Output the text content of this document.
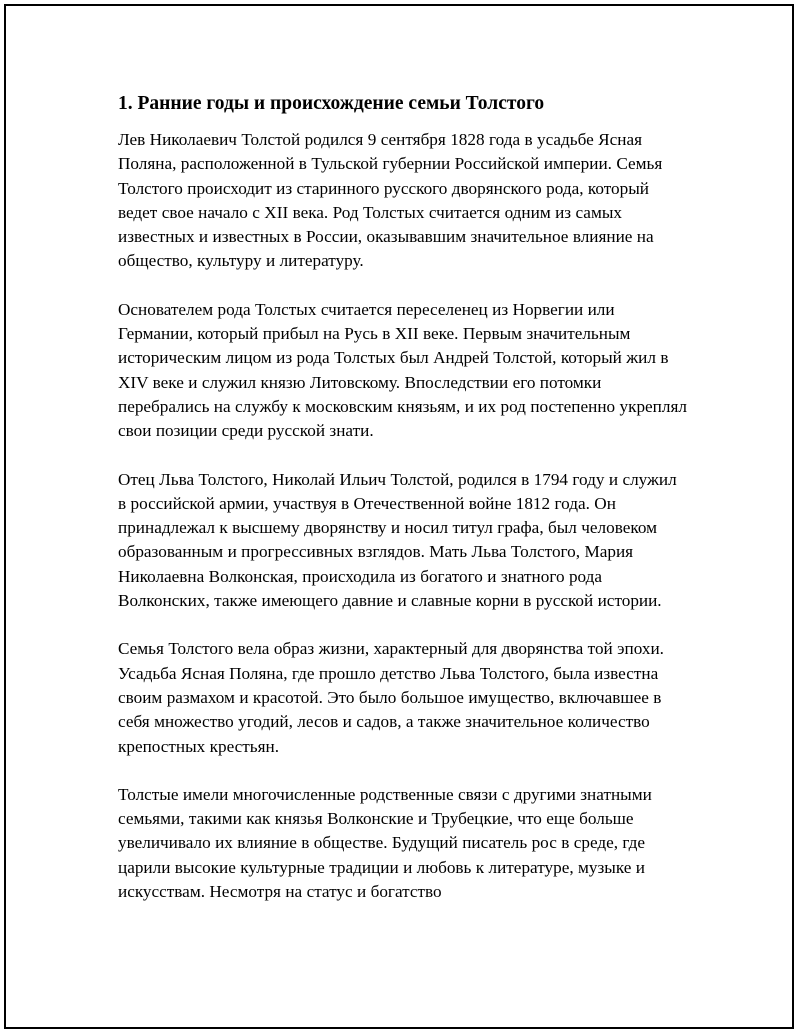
1. Ранние годы и происхождение семьи Толстого

Лев Николаевич Толстой родился 9 сентября 1828 года в усадьбе Ясная Поляна, расположенной в Тульской губернии Российской империи. Семья Толстого происходит из старинного русского дворянского рода, который ведет свое начало с XII века. Род Толстых считается одним из самых известных и известных в России, оказывавшим значительное влияние на общество, культуру и литературу.

Основателем рода Толстых считается переселенец из Норвегии или Германии, который прибыл на Русь в XII веке. Первым значительным историческим лицом из рода Толстых был Андрей Толстой, который жил в XIV веке и служил князю Литовскому. Впоследствии его потомки перебрались на службу к московским князьям, и их род постепенно укреплял свои позиции среди русской знати.

Отец Льва Толстого, Николай Ильич Толстой, родился в 1794 году и служил в российской армии, участвуя в Отечественной войне 1812 года. Он принадлежал к высшему дворянству и носил титул графа, был человеком образованным и прогрессивных взглядов. Мать Льва Толстого, Мария Николаевна Волконская, происходила из богатого и знатного рода Волконских, также имеющего давние и славные корни в русской истории.

Семья Толстого вела образ жизни, характерный для дворянства той эпохи. Усадьба Ясная Поляна, где прошло детство Льва Толстого, была известна своим размахом и красотой. Это было большое имущество, включавшее в себя множество угодий, лесов и садов, а также значительное количество крепостных крестьян.

Толстые имели многочисленные родственные связи с другими знатными семьями, такими как князья Волконские и Трубецкие, что еще больше увеличивало их влияние в обществе. Будущий писатель рос в среде, где царили высокие культурные традиции и любовь к литературе, музыке и искусствам. Несмотря на статус и богатство
